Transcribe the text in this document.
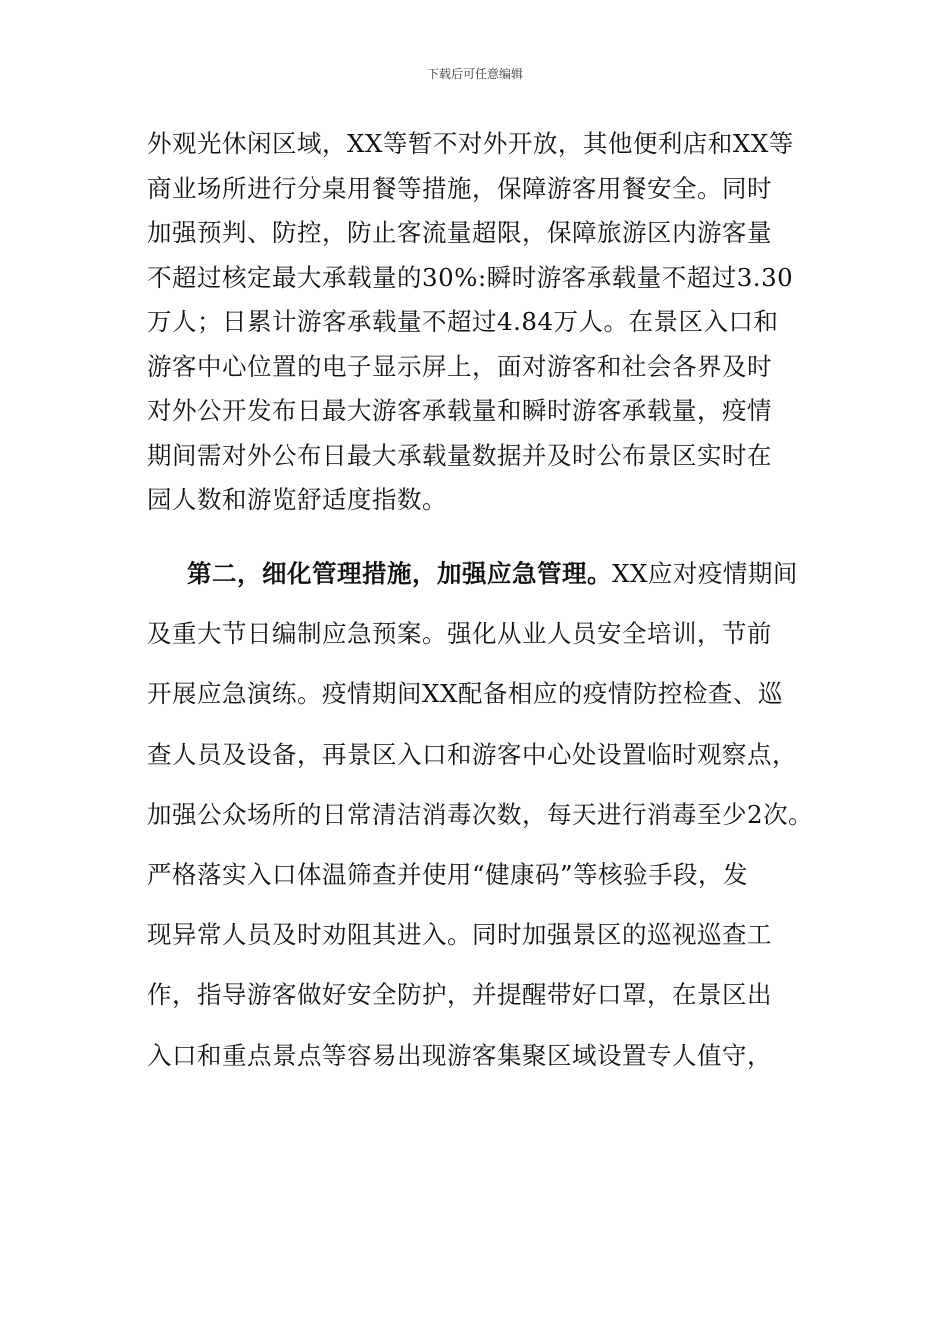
下载后可任意编辑
外观光休闲区域，XX等暂不对外开放，其他便利店和XX等
商业场所进行分桌用餐等措施，保障游客用餐安全。同时
加强预判、防控，防止客流量超限，保障旅游区内游客量
不超过核定最大承载量的30%:瞬时游客承载量不超过3.30
万人；日累计游客承载量不超过4.84万人。在景区入口和
游客中心位置的电子显示屏上，面对游客和社会各界及时
对外公开发布日最大游客承载量和瞬时游客承载量，疫情
期间需对外公布日最大承载量数据并及时公布景区实时在
园人数和游览舒适度指数。
第二，细化管理措施，加强应急管理。XX应对疫情期间
及重大节日编制应急预案。强化从业人员安全培训，节前
开展应急演练。疫情期间XX配备相应的疫情防控检查、巡
查人员及设备，再景区入口和游客中心处设置临时观察点，
加强公众场所的日常清洁消毒次数，每天进行消毒至少2次。
严格落实入口体温筛查并使用“健康码”等核验手段，发
现异常人员及时劝阻其进入。同时加强景区的巡视巡查工
作，指导游客做好安全防护，并提醒带好口罩，在景区出
入口和重点景点等容易出现游客集聚区域设置专人值守，
